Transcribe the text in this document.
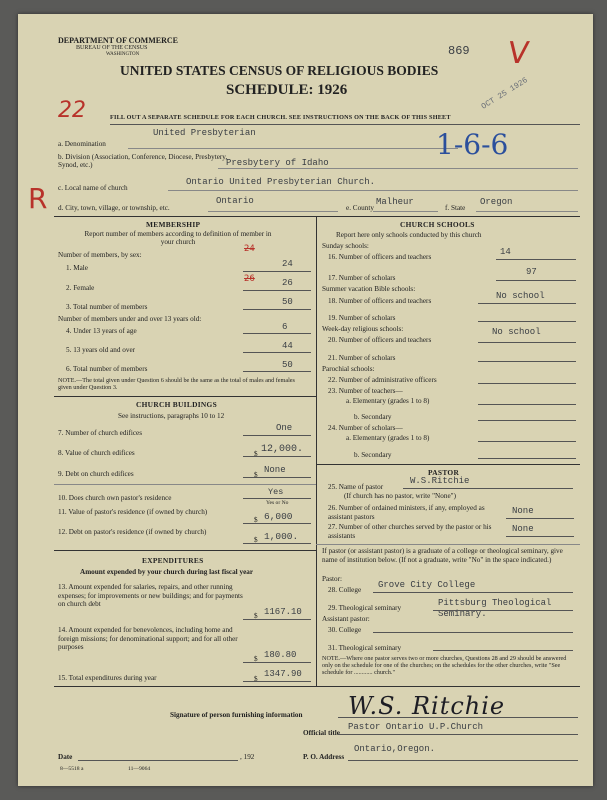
DEPARTMENT OF COMMERCE
BUREAU OF THE CENSUS
WASHINGTON	869 V
UNITED STATES CENSUS OF RELIGIOUS BODIES
SCHEDULE: 1926	OCT 25 1926
22	FILL OUT A SEPARATE SCHEDULE FOR EACH CHURCH. SEE INSTRUCTIONS ON THE BACK OF THIS SHEET
United Presbyterian
a. Denomination	1-6-6
b. Division (Association, Conference, Diocese, Presbytery, Synod, etc.)	Presbytery of Idaho
R c. Local name of church
Ontario United Presbyterian Church.
d. City, town, village, or township, etc.
Ontario
e. County
Malheur
f. State
Oregon
MEMBERSHIP
Report number of members according to definition of member in your church
Number of members, by sex:
24
1. Male	24
26
2. Female	26
3. Total number of members	50
Number of members under and over 13 years old:
4. Under 13 years of age	6
5. 13 years old and over	44
6. Total number of members	50
NOTE.—The total given under Question 6 should be the same as the total of males and females given under Question 3.
CHURCH BUILDINGS
See instructions, paragraphs 10 to 12
7. Number of church edifices	One
8. Value of church edifices	$ 12,000.
9. Debt on church edifices	$ None
10. Does church own pastor's residence
Yes
Yes or No
11. Value of pastor's residence (if owned by church)
$ 6,000
12. Debt on pastor's residence (if owned by church)
$ 1,000.
EXPENDITURES
Amount expended by your church during last fiscal year
13. Amount expended for salaries, repairs, and other running expenses; for improvements or new buildings; and for payments on church debt
$ 1167.10
14. Amount expended for benevolences, including home and foreign missions; for denominational support; and for all other purposes
$ 180.80
15. Total expenditures during year	$ 1347.90
CHURCH SCHOOLS
Report here only schools conducted by this church
Sunday schools:
16. Number of officers and teachers	14
17. Number of scholars
97
Summer vacation Bible schools:
18. Number of officers and teachers	No school
19. Number of scholars
Week-day religious schools:
20. Number of officers and teachers
No school
21. Number of scholars
Parochial schools:
22. Number of administrative officers
23. Number of teachers—
a. Elementary (grades 1 to 8)
b. Secondary
24. Number of scholars—
a. Elementary (grades 1 to 8)
b. Secondary
PASTOR
25. Name of pastor
W.S.Ritchie
(If church has no pastor, write "None")
26. Number of ordained ministers, if any, employed as assistant pastors
None
27. Number of other churches served by the pastor or his assistants
None
If pastor (or assistant pastor) is a graduate of a college or theological seminary, give name of institution below. (If not a graduate, write "No" in the space indicated.)
Pastor:
28. College Grove City College
29. Theological seminary	Pittsburg Theological Seminary.
Assistant pastor:
30. College
31. Theological seminary
NOTE.—Where one pastor serves two or more churches, Questions 28 and 29 should be answered only on the schedule for one of the churches; on the schedules for the other churches, write "See schedule for ............ church."
Signature of person furnishing information W.S. Ritchie
Official title
Pastor Ontario U.P.Church
Date	, 192	P. O. Address
Ontario,Oregon.
8—5518 a	11—9064
